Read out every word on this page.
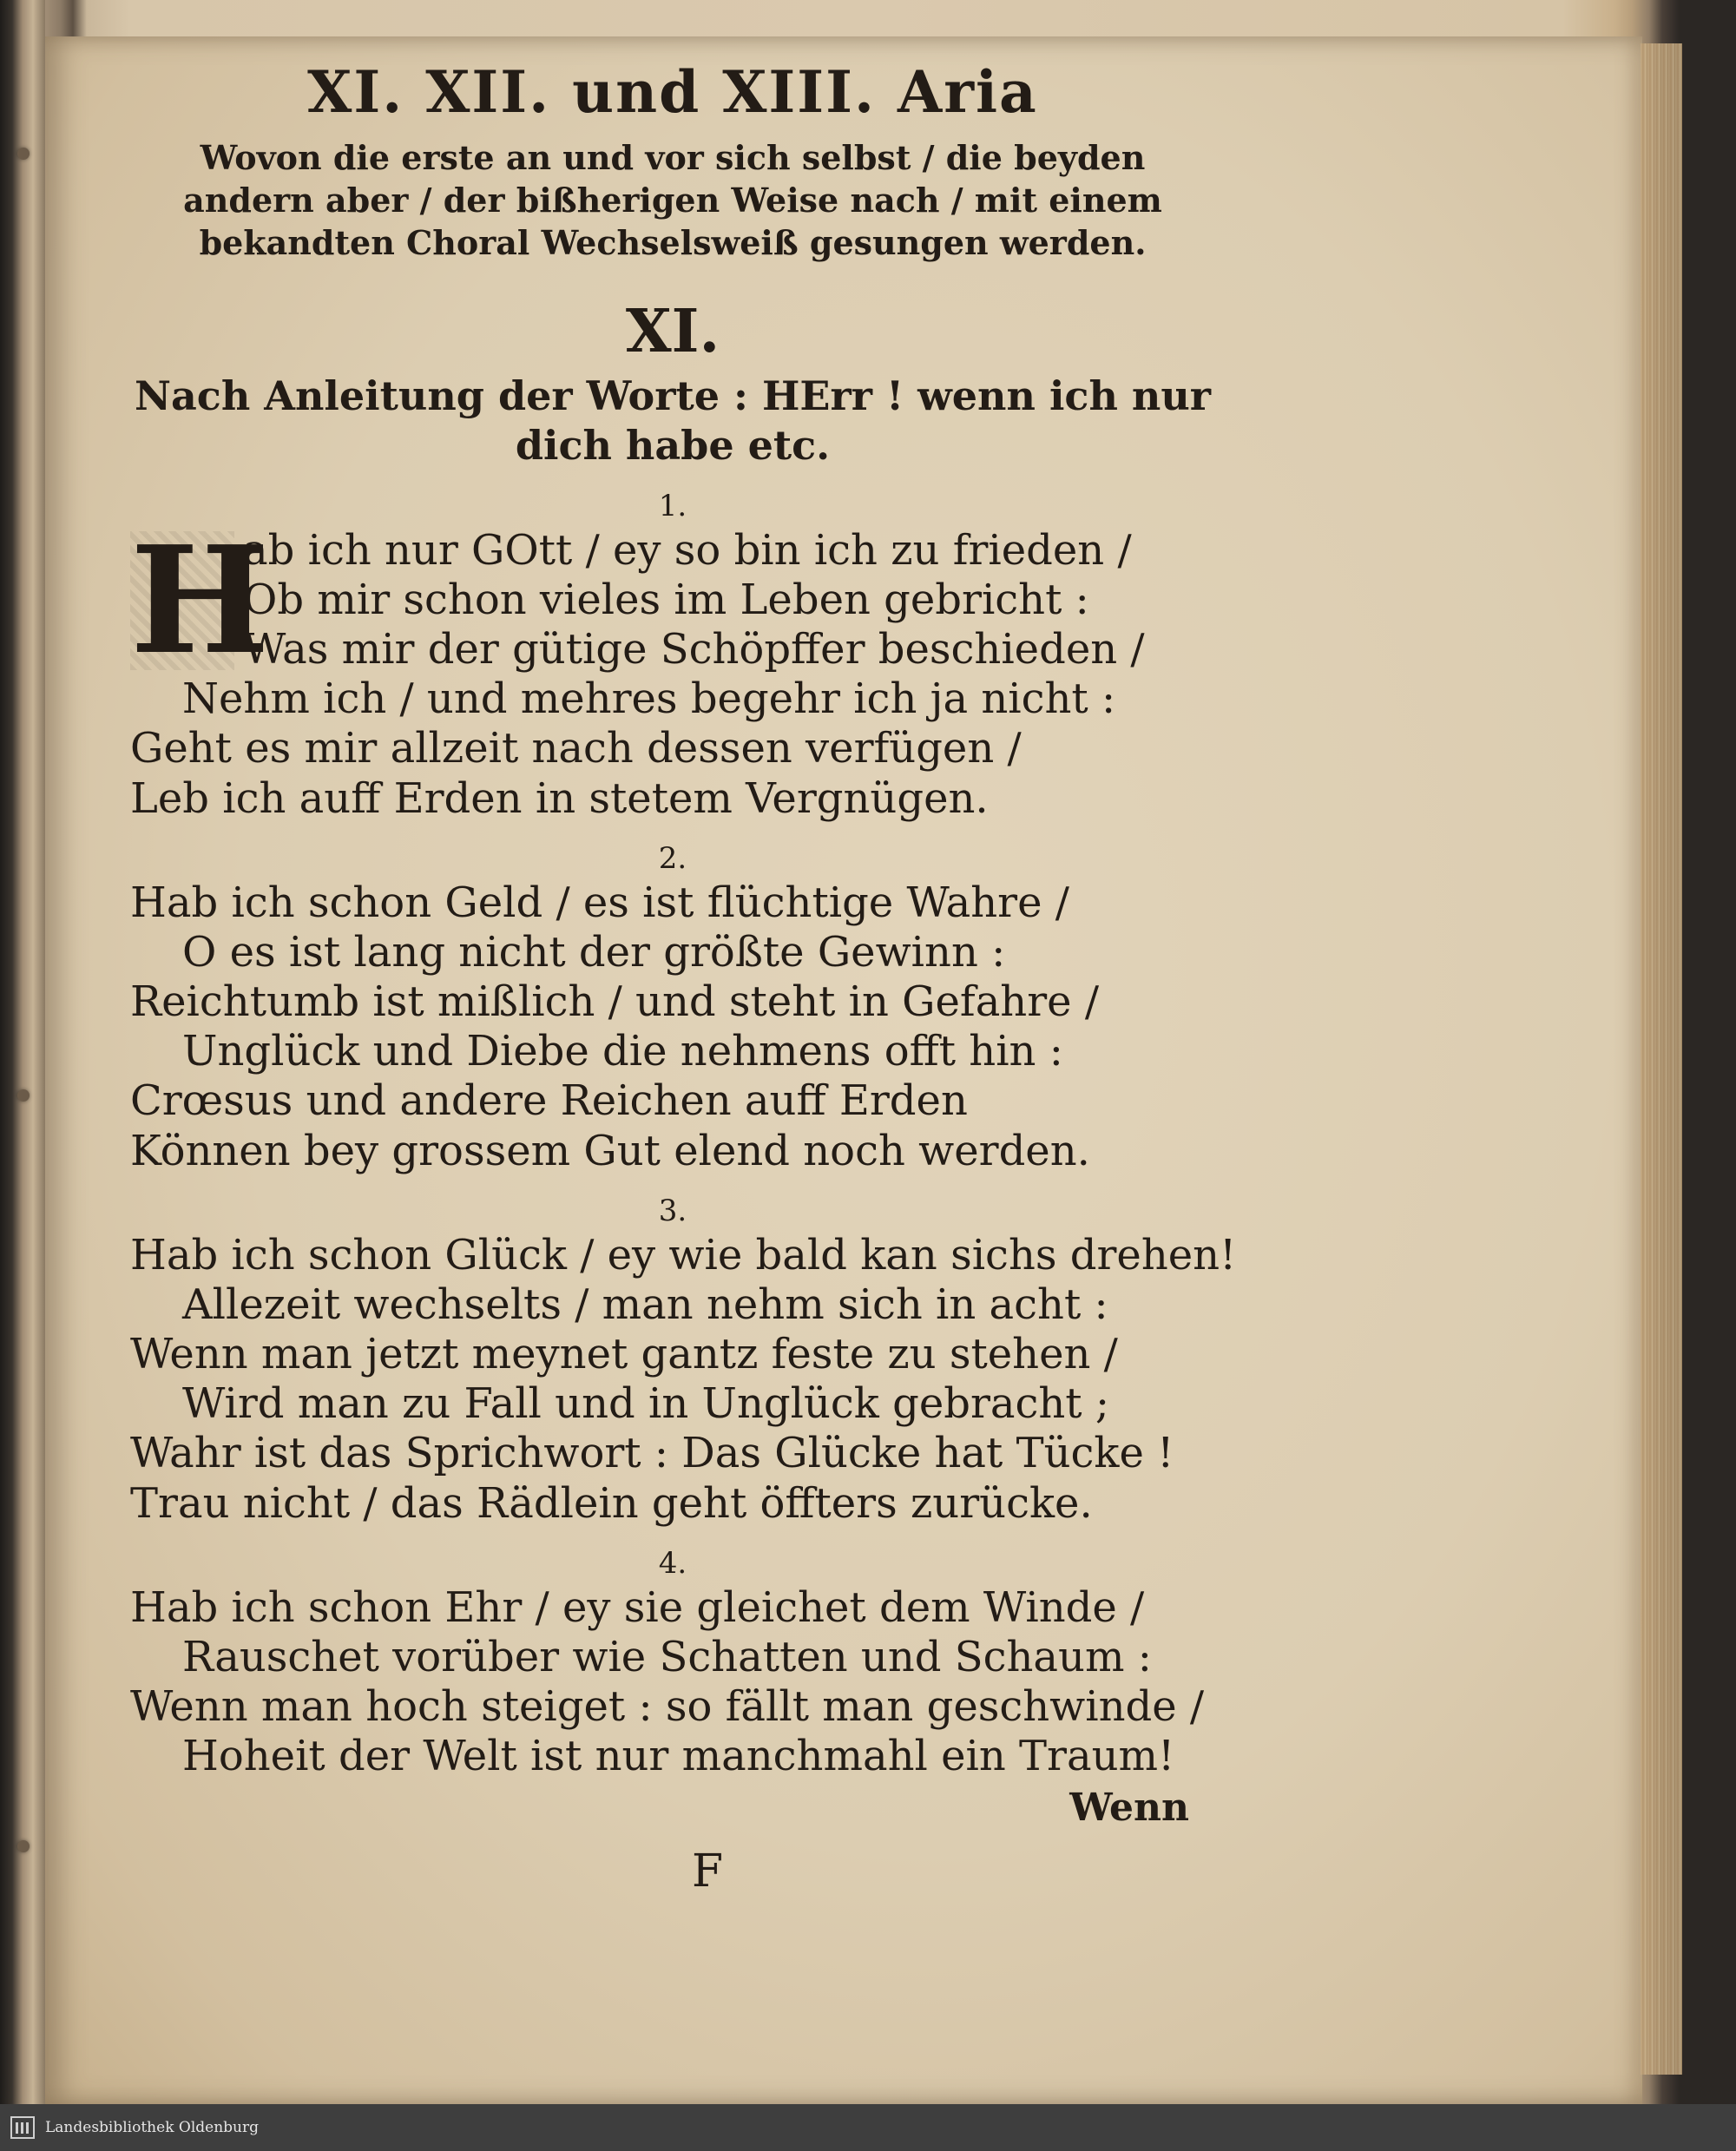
XI. XII. und XIII. Aria

Wovon die erste an und vor sich selbst / die beyden andern aber / der bißherigen Weise nach / mit einem bekandten Choral Wechselsweiß gesungen werden.

XI.

Nach Anleitung der Worte : HErr ! wenn ich nur dich habe etc.

1.

H
ab ich nur GOtt / ey so bin ich zu frieden /
Ob mir schon vieles im Leben gebricht :
Was mir der gütige Schöpffer beschieden /
Nehm ich / und mehres begehr ich ja nicht :
Geht es mir allzeit nach dessen verfügen /
Leb ich auff Erden in stetem Vergnügen.

2.

Hab ich schon Geld / es ist flüchtige Wahre /
O es ist lang nicht der größte Gewinn :
Reichtumb ist mißlich / und steht in Gefahre /
Unglück und Diebe die nehmens offt hin :
Crœsus und andere Reichen auff Erden
Können bey grossem Gut elend noch werden.

3.

Hab ich schon Glück / ey wie bald kan sichs drehen!
Allezeit wechselts / man nehm sich in acht :
Wenn man jetzt meynet gantz feste zu stehen /
Wird man zu Fall und in Unglück gebracht ;
Wahr ist das Sprichwort : Das Glücke hat Tücke !
Trau nicht / das Rädlein geht öffters zurücke.

4.

Hab ich schon Ehr / ey sie gleichet dem Winde /
Rauschet vorüber wie Schatten und Schaum :
Wenn man hoch steiget : so fällt man geschwinde /
Hoheit der Welt ist nur manchmahl ein Traum!
Wenn
F
Landesbibliothek Oldenburg
